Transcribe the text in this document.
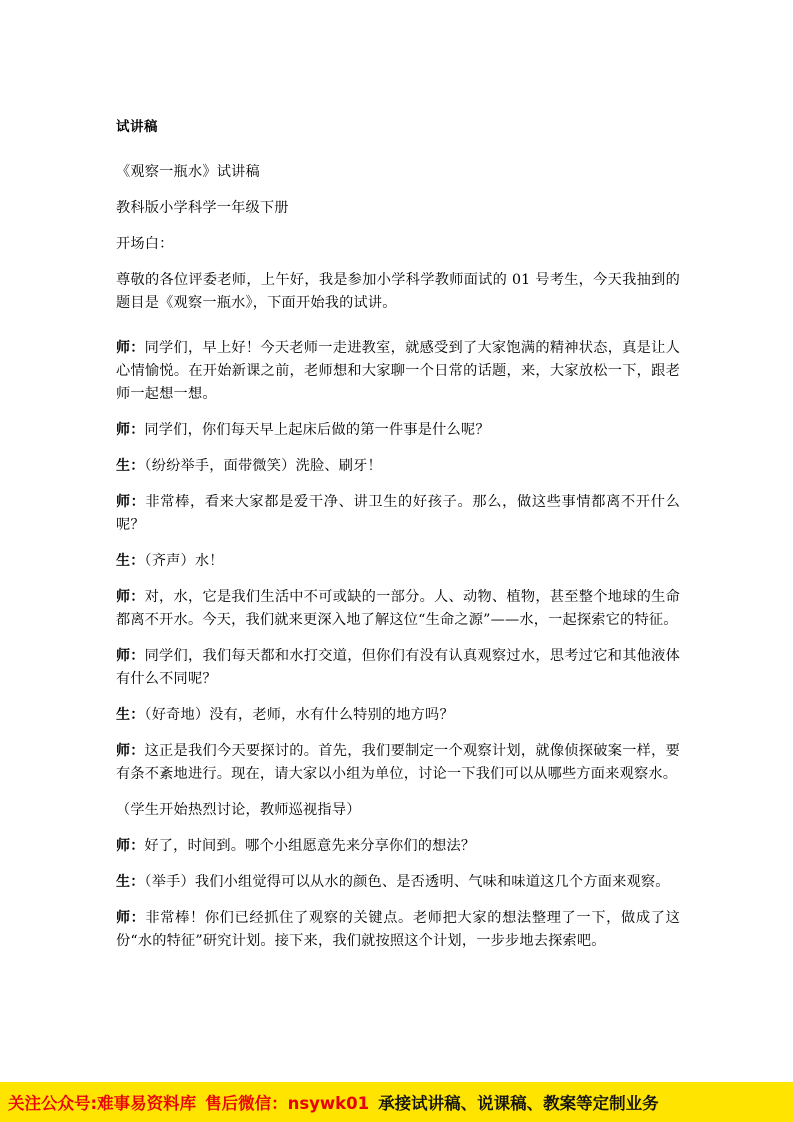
试讲稿

《观察一瓶水》试讲稿

教科版小学科学一年级下册

开场白：

尊敬的各位评委老师，上午好，我是参加小学科学教师面试的 01 号考生，今天我抽到的题目是《观察一瓶水》，下面开始我的试讲。

师：同学们，早上好！今天老师一走进教室，就感受到了大家饱满的精神状态，真是让人心情愉悦。在开始新课之前，老师想和大家聊一个日常的话题，来，大家放松一下，跟老师一起想一想。

师：同学们，你们每天早上起床后做的第一件事是什么呢？

生：（纷纷举手，面带微笑）洗脸、刷牙！

师：非常棒，看来大家都是爱干净、讲卫生的好孩子。那么，做这些事情都离不开什么呢？

生：（齐声）水！

师：对，水，它是我们生活中不可或缺的一部分。人、动物、植物，甚至整个地球的生命都离不开水。今天，我们就来更深入地了解这位“生命之源”——水，一起探索它的特征。

师：同学们，我们每天都和水打交道，但你们有没有认真观察过水，思考过它和其他液体有什么不同呢？

生：（好奇地）没有，老师，水有什么特别的地方吗？

师：这正是我们今天要探讨的。首先，我们要制定一个观察计划，就像侦探破案一样，要有条不紊地进行。现在，请大家以小组为单位，讨论一下我们可以从哪些方面来观察水。

（学生开始热烈讨论，教师巡视指导）

师：好了，时间到。哪个小组愿意先来分享你们的想法？

生：（举手）我们小组觉得可以从水的颜色、是否透明、气味和味道这几个方面来观察。

师：非常棒！你们已经抓住了观察的关键点。老师把大家的想法整理了一下，做成了这份“水的特征”研究计划。接下来，我们就按照这个计划，一步步地去探索吧。

关注公众号:难事易资料库 售后微信：nsywk01 承接试讲稿、说课稿、教案等定制业务
